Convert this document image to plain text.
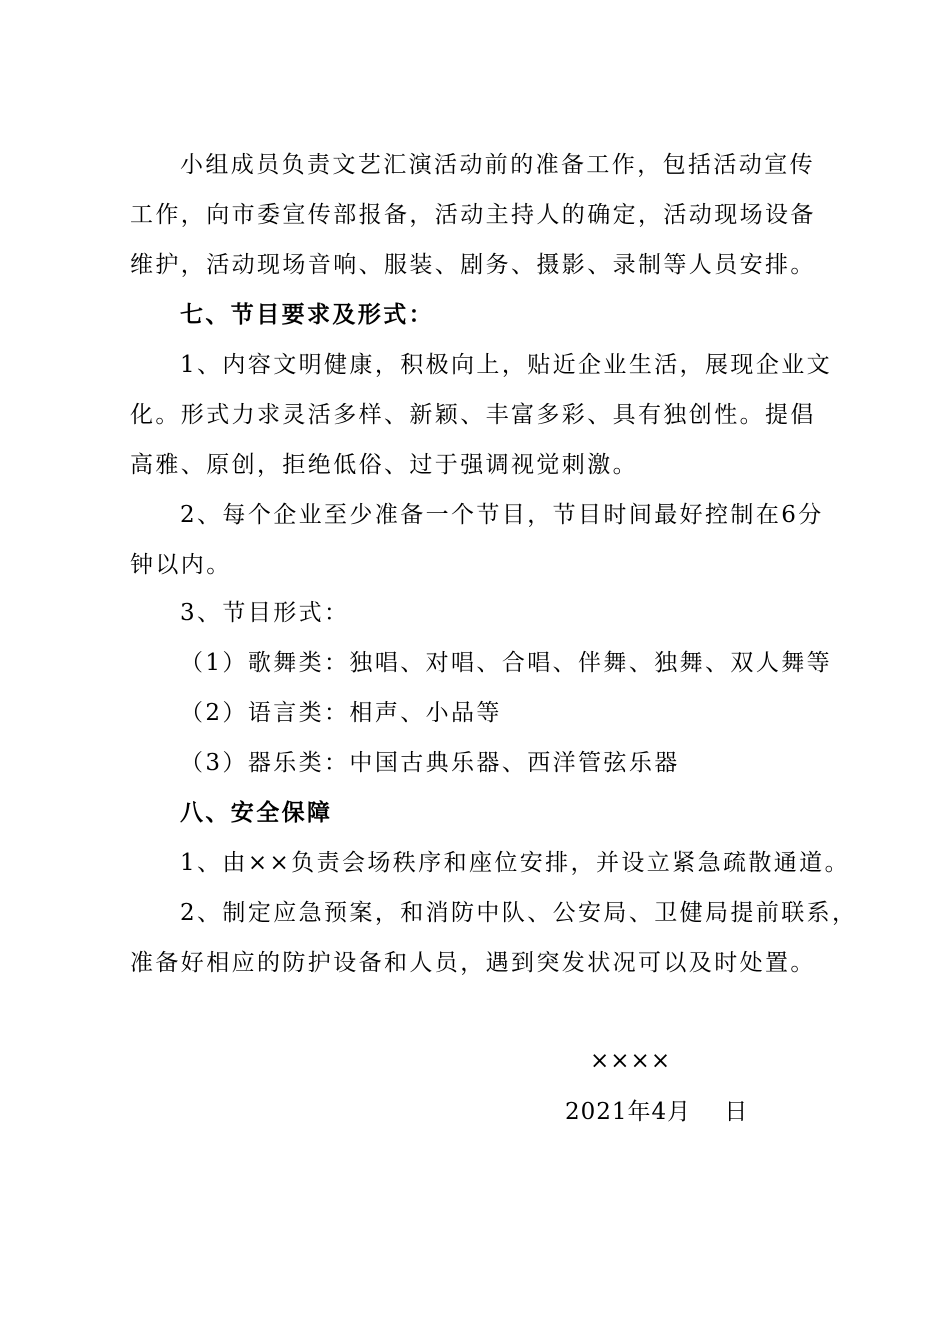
小组成员负责文艺汇演活动前的准备工作，包括活动宣传
工作，向市委宣传部报备，活动主持人的确定，活动现场设备
维护，活动现场音响、服装、剧务、摄影、录制等人员安排。
七、节目要求及形式：
1、内容文明健康，积极向上，贴近企业生活，展现企业文
化。形式力求灵活多样、新颖、丰富多彩、具有独创性。提倡
高雅、原创，拒绝低俗、过于强调视觉刺激。
2、每个企业至少准备一个节目，节目时间最好控制在6分
钟以内。
3、节目形式：
（1）歌舞类：独唱、对唱、合唱、伴舞、独舞、双人舞等
（2）语言类：相声、小品等
（3）器乐类：中国古典乐器、西洋管弦乐器
八、安全保障
1、由××负责会场秩序和座位安排，并设立紧急疏散通道。
2、制定应急预案，和消防中队、公安局、卫健局提前联系，
准备好相应的防护设备和人员，遇到突发状况可以及时处置。
××××
2021年4月    日
